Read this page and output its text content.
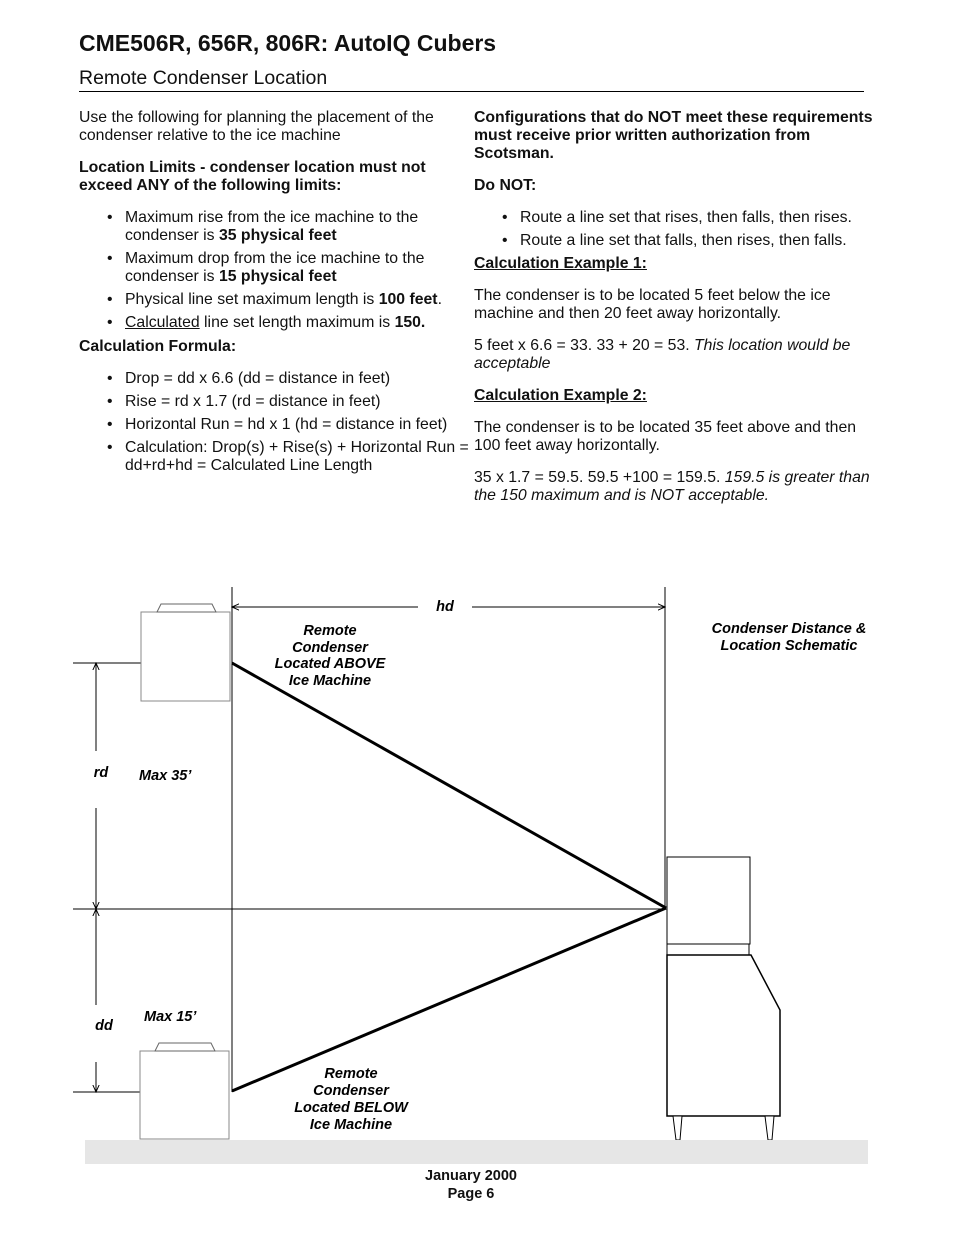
CME506R, 656R, 806R: AutoIQ Cubers
Remote Condenser Location

Use the following for planning the placement of the condenser relative to the ice machine

Location Limits - condenser location must not exceed ANY of the following limits:

• Maximum rise from the ice machine to the condenser is 35 physical feet
• Maximum drop from the ice machine to the condenser is 15 physical feet
• Physical line set maximum length is 100 feet.
• Calculated line set length maximum is 150.

Calculation Formula:

• Drop = dd x 6.6 (dd = distance in feet)
• Rise = rd x 1.7 (rd = distance in feet)
• Horizontal Run = hd x 1 (hd = distance in feet)
• Calculation: Drop(s) + Rise(s) + Horizontal Run = dd+rd+hd = Calculated Line Length

Configurations that do NOT meet these requirements must receive prior written authorization from Scotsman.

Do NOT:

• Route a line set that rises, then falls, then rises.
• Route a line set that falls, then rises, then falls.

Calculation Example 1:

The condenser is to be located 5 feet below the ice machine and then 20 feet away horizontally.

5 feet x 6.6 = 33. 33 + 20 = 53. This location would be acceptable

Calculation Example 2:

The condenser is to be located 35 feet above and then 100 feet away horizontally.

35 x 1.7 = 59.5. 59.5 +100 = 159.5. 159.5 is greater than the 150 maximum and is NOT acceptable.

hd
rd Max 35’
dd
Max 15’
Remote
Condenser
Located ABOVE
Ice Machine
Remote
Condenser
Located BELOW
Ice Machine
Condenser Distance &
Location Schematic
January 2000
Page 6
